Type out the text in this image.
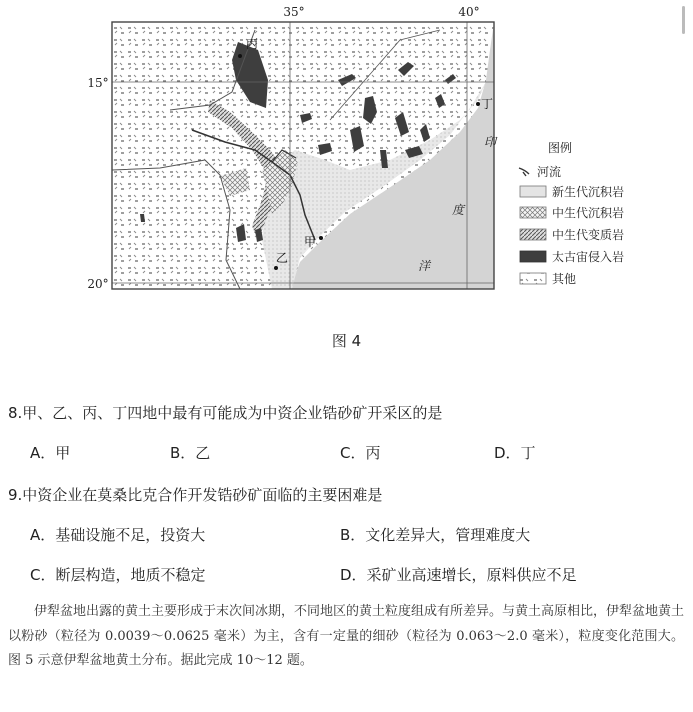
35°	40°
15°
20°
丙
丁
甲
乙
印
度
洋
图例
河流
新生代沉积岩
中生代沉积岩
中生代变质岩
太古宙侵入岩
其他
图 4
8.甲、乙、丙、丁四地中最有可能成为中资企业锆砂矿开采区的是
A．甲	B．乙	C．丙	D．丁
9.中资企业在莫桑比克合作开发锆砂矿面临的主要困难是
A．基础设施不足，投资大	B．文化差异大，管理难度大
C．断层构造，地质不稳定	D．采矿业高速增长，原料供应不足

伊犁盆地出露的黄土主要形成于末次间冰期，不同地区的黄土粒度组成有所差异。与黄土高原相比，伊犁盆地黄土以粉砂（粒径为 0.0039～0.0625 毫米）为主，含有一定量的细砂（粒径为 0.063～2.0 毫米），粒度变化范围大。图 5 示意伊犁盆地黄土分布。据此完成 10～12 题。
